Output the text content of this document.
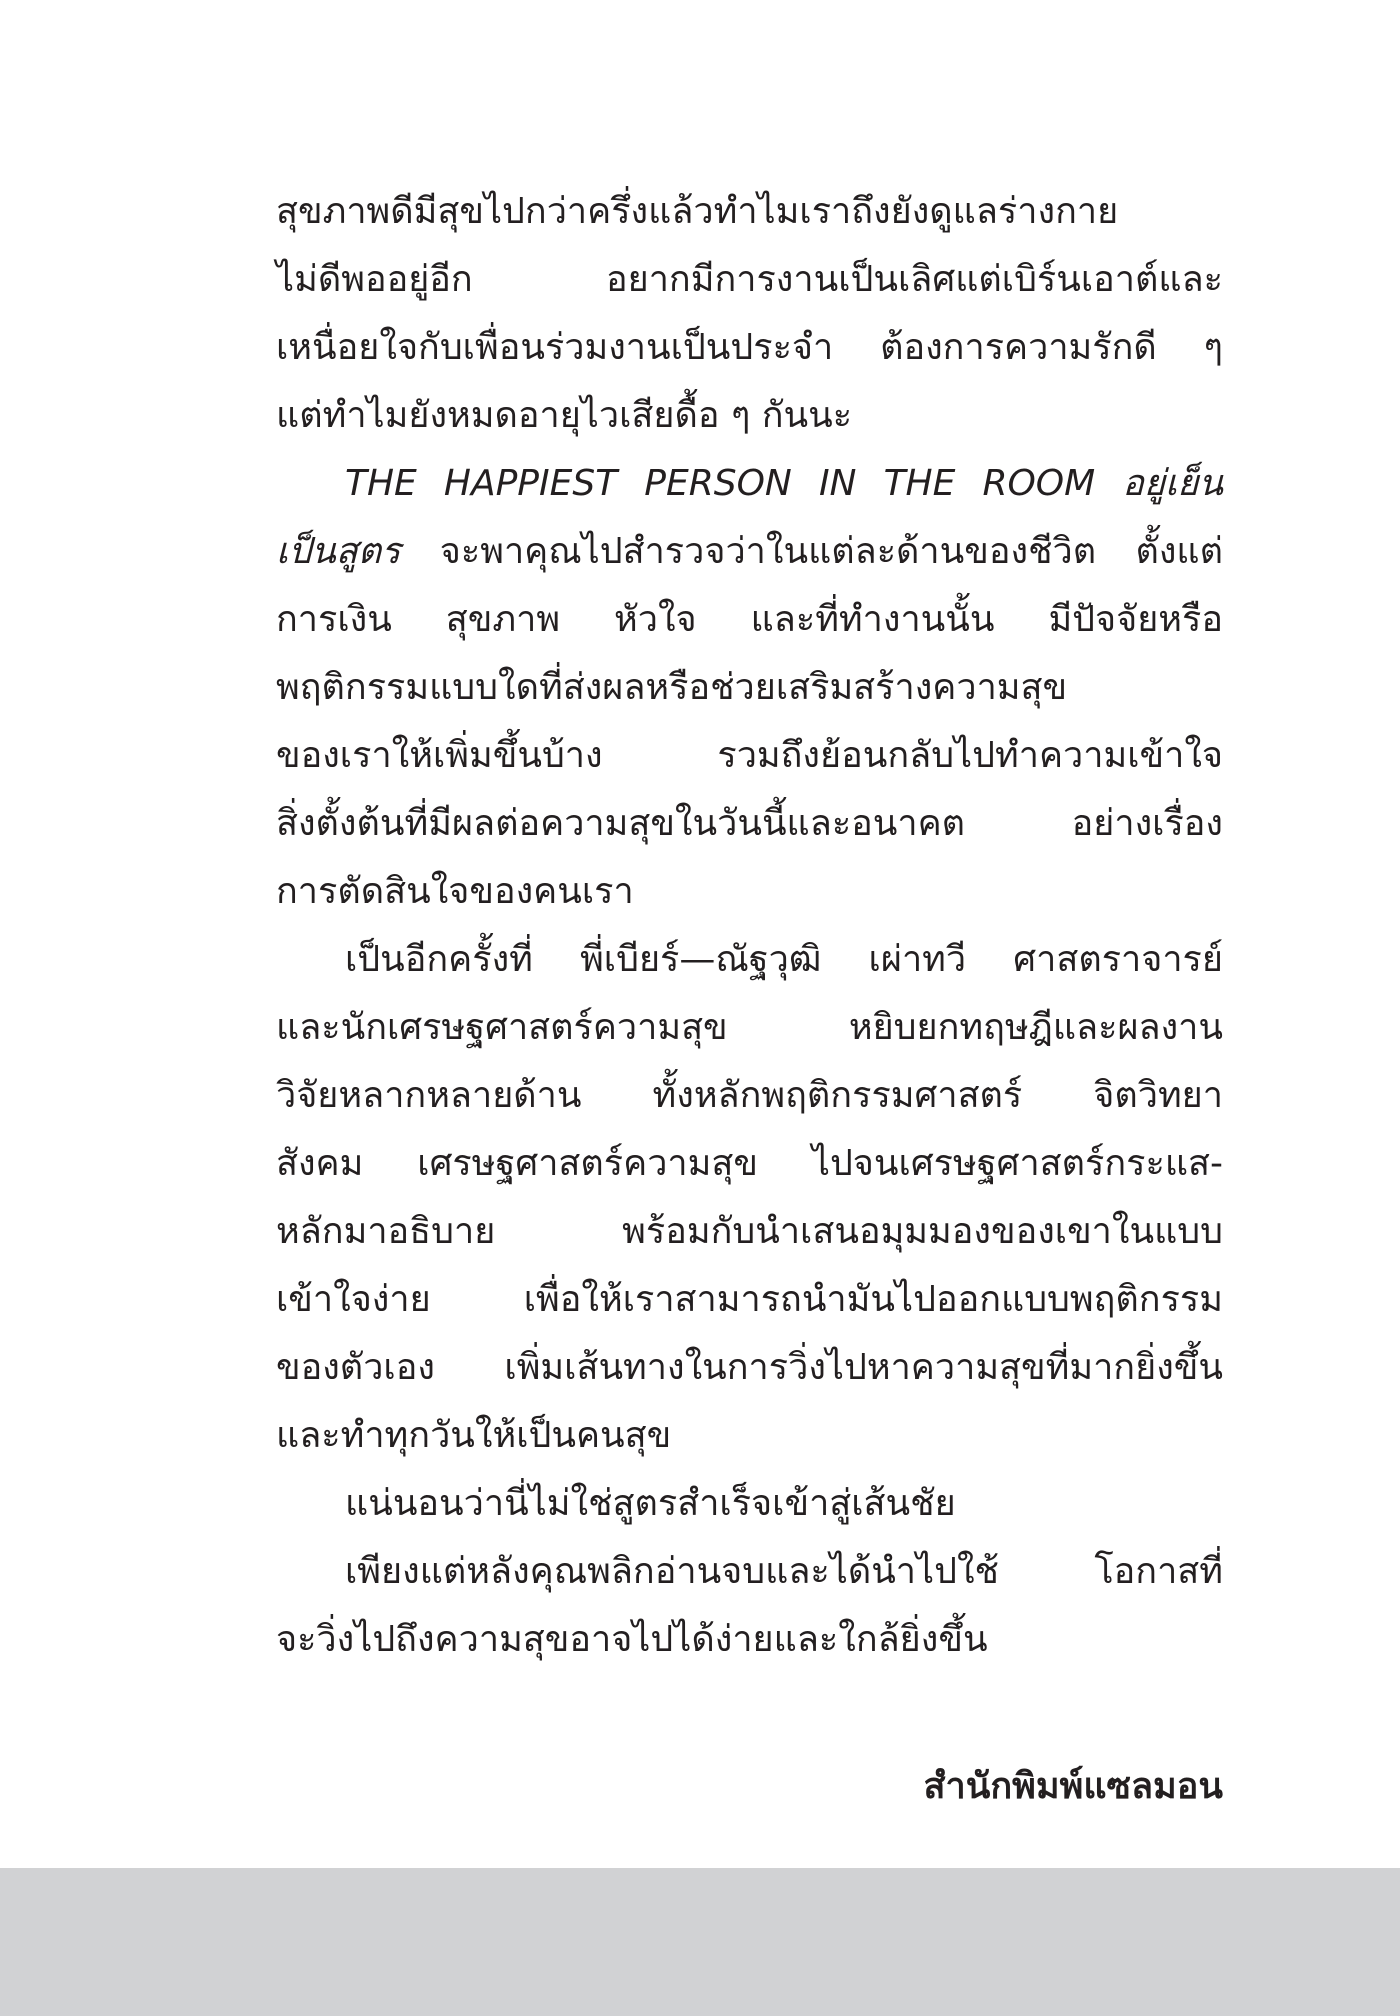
สุขภาพดีมีสุขไปกว่าครึ่งแล้วทำไมเราถึงยังดูแลร่างกาย
ไม่ดีพออยู่อีก อยากมีการงานเป็นเลิศแต่เบิร์นเอาต์และ
เหนื่อยใจกับเพื่อนร่วมงานเป็นประจำ ต้องการความรักดี ๆ
แต่ทำไมยังหมดอายุไวเสียดื้อ ๆ กันนะ
THE HAPPIEST PERSON IN THE ROOM อยู่เย็น
เป็นสูตร จะพาคุณไปสำรวจว่าในแต่ละด้านของชีวิต ตั้งแต่
การเงิน สุขภาพ หัวใจ และที่ทำงานนั้น มีปัจจัยหรือ
พฤติกรรมแบบใดที่ส่งผลหรือช่วยเสริมสร้างความสุข
ของเราให้เพิ่มขึ้นบ้าง รวมถึงย้อนกลับไปทำความเข้าใจ
สิ่งตั้งต้นที่มีผลต่อความสุขในวันนี้และอนาคต อย่างเรื่อง
การตัดสินใจของคนเรา
เป็นอีกครั้งที่ พี่เบียร์—ณัฐวุฒิ เผ่าทวี ศาสตราจารย์
และนักเศรษฐศาสตร์ความสุข หยิบยกทฤษฎีและผลงาน
วิจัยหลากหลายด้าน ทั้งหลักพฤติกรรมศาสตร์ จิตวิทยา
สังคม เศรษฐศาสตร์ความสุข ไปจนเศรษฐศาสตร์กระแส-
หลักมาอธิบาย พร้อมกับนำเสนอมุมมองของเขาในแบบ
เข้าใจง่าย เพื่อให้เราสามารถนำมันไปออกแบบพฤติกรรม
ของตัวเอง เพิ่มเส้นทางในการวิ่งไปหาความสุขที่มากยิ่งขึ้น
และทำทุกวันให้เป็นคนสุข
แน่นอนว่านี่ไม่ใช่สูตรสำเร็จเข้าสู่เส้นชัย
เพียงแต่หลังคุณพลิกอ่านจบและได้นำไปใช้ โอกาสที่
จะวิ่งไปถึงความสุขอาจไปได้ง่ายและใกล้ยิ่งขึ้น
สำนักพิมพ์แซลมอน
